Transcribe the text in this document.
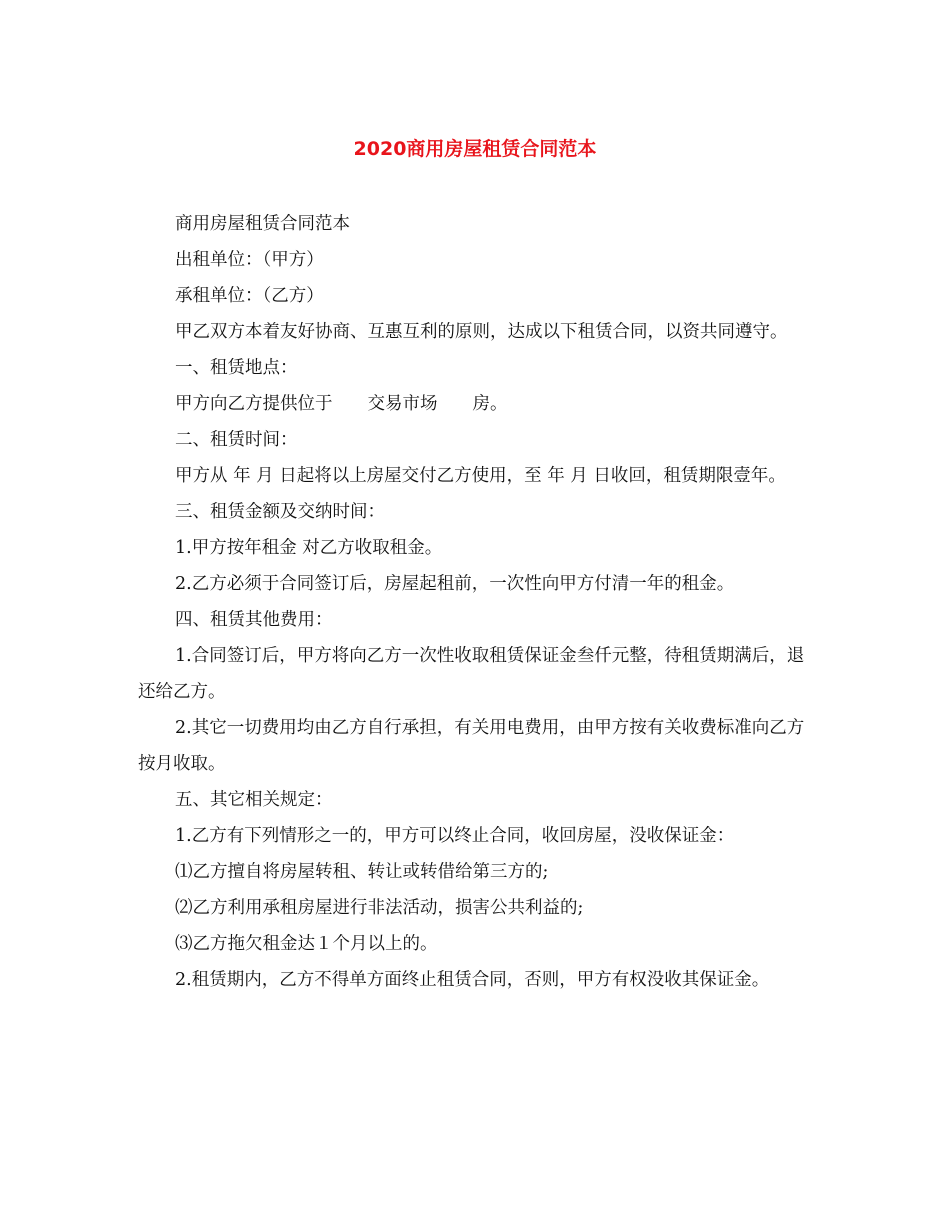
2020商用房屋租赁合同范本

商用房屋租赁合同范本

出租单位：（甲方）

承租单位：（乙方）

甲乙双方本着友好协商、互惠互利的原则，达成以下租赁合同，以资共同遵守。

一、租赁地点：

甲方向乙方提供位于　　交易市场　　房。

二、租赁时间：

甲方从 年 月 日起将以上房屋交付乙方使用，至 年 月 日收回，租赁期限壹年。

三、租赁金额及交纳时间：

1.甲方按年租金 对乙方收取租金。

2.乙方必须于合同签订后，房屋起租前，一次性向甲方付清一年的租金。

四、租赁其他费用：

1.合同签订后，甲方将向乙方一次性收取租赁保证金叁仟元整，待租赁期满后，退还给乙方。

2.其它一切费用均由乙方自行承担，有关用电费用，由甲方按有关收费标准向乙方按月收取。

五、其它相关规定：

1.乙方有下列情形之一的，甲方可以终止合同，收回房屋，没收保证金：

⑴乙方擅自将房屋转租、转让或转借给第三方的;

⑵乙方利用承租房屋进行非法活动，损害公共利益的;

⑶乙方拖欠租金达１个月以上的。

2.租赁期内，乙方不得单方面终止租赁合同，否则，甲方有权没收其保证金。
